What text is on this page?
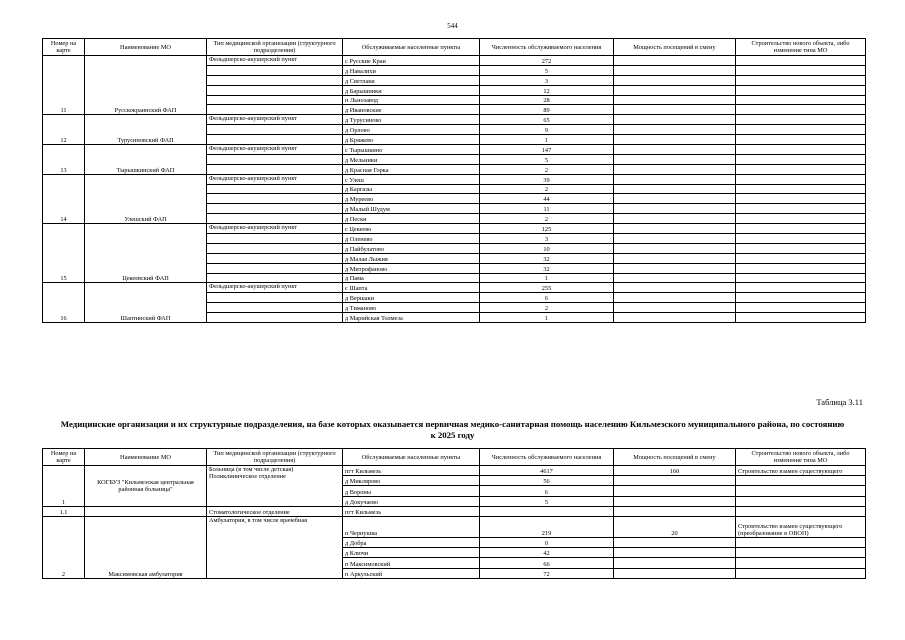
544
Номер на карте	Наименование МО	Тип медицинской организации (структурного подразделения)	Обслуживаемые населенные пункты	Численность обслуживаемого населения	Мощность посещений в смену	Строительство нового объекта, либо изменение типа МО
11	Русскокраинский ФАП	Фельдшерско-акушерский пункт	с Русские Краи	272		
			д Навалихи	5		
			д Светлаки	3		
			д Барышники	12		
			п Льнозавод	28		
			д Ивановские	89		
12	Турусиновский ФАП	Фельдшерско-акушерский пункт	д Турусиново	65		
			д Орлово	9		
			д Кряжево	1		
13	Тырышкинский ФАП	Фельдшерско-акушерский пункт	с Тырышкино	147		
			д Мельники	5		
			д Красная Горка	2		
14	Улешский ФАП	Фельдшерско-акушерский пункт	с Улеш	39		
			д Каргазы	2		
			д Муреево	44		
			д Малый Шудум	11		
			д Пески	2		
15	Цекеевский ФАП	Фельдшерско-акушерский пункт	с Цекеево	125		
			д Оленево	3		
			д Пайбулатово	10		
			д Малая Лыжня	32		
			д Митрофаново	32		
			д Пама	1		
16	Шаптинский ФАП	Фельдшерско-акушерский пункт	с Шапта	255		
			д Вершаки	6		
			д Тиманово	2		
			д Марийская Толмеза	1		
Таблица 3.11
Медицинские организации и их структурные подразделения, на базе которых оказывается первичная медико-санитарная помощь населению Кильмезского муниципального района, по состоянию к 2025 году
Номер на карте	Наименование МО	Тип медицинской организации (структурного подразделения)	Обслуживаемые населенные пункты	Численность обслуживаемого населения	Мощность посещений в смену	Строительство нового объекта, либо изменение типа МО
1	КОГБУЗ "Кильмезская центральная районная больница"	Больница (в том числе детская) Поликлиническое отделение	пгт Кильмезь	4617	160	Строительство взамен существующего
			д Миклярово	56		
			д Вороны	6		
			д Докучаево	5		
1.1		Стоматологическое отделение	пгт Кильмезь			
2	Максимовская амбулатория	Амбулатория, в том числе врачебная	п Чернушка	219	20	Строительство взамен существующего (преобразование в ОВОП)
			д Добра	0		
			д Ключи	42		
			п Максимовский	66		
			п Аркульский	72		
